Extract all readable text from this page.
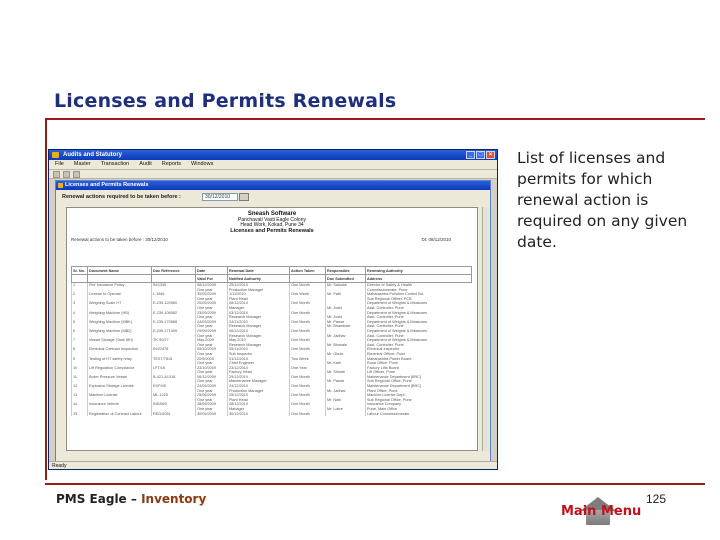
Licenses and Permits Renewals
Audits and Statutory	_	□	×
File Master Transaction Audit Reports Windows
Licenses and Permits Renewals
Renewal actions required to be taken before :	30/12/2010
Sneash Software
Panchavati Vasti Eagle Colony
Head Work, Kokad, Pune 34
Licenses and Permits Renewals
Renewal actions to be taken before : 30/12/2010	Dt: 08/12/2010
Sr. No.	Document Name	Doc Reference	Date	Renewal Date	Action Taken	Responsible	Renewing Authority
			Valid For	Notified Authority		Doc Submitted	Address
1	Fire Insurance Policy	IN/1345	08/12/2009	25/12/2010	One Month	Mr. Salunke	Director of Safety & Health
			One year	Production Manager			Commissionerate, Pune
2	License to Operate	L-3661	30/09/2009	1/11/2010	One Week	Mr. Patil	Maharashtra Pollution Control Bd.
			One year	Plant Head			Sub Regional Officer, PCB
3	Weighing Scale HT	E-239-120580	20/09/2009	08/12/2010	One Month		Department of Weights & Measures
			One year	Manager		Mr. Joshi	Asst. Controller, Pune
4	Weighing Machine (HB)	E-239-106582	23/09/2009	03/12/2010	One Month		Department of Weights & Measures
			One year	Research Manager		Mr. Joshi	Asst. Controller, Pune
5	Weighing Machine (MBK)	E-239-170588	24/09/2009	24/11/2010	One Month	Mr. Pawar	Department of Weights & Measures
			One year	Research Manager		Mr. Bhambale	Asst. Controller, Pune
6	Weighing Machine (MB2)	E-239-171499	29/09/2009	06/12/2010	One Month		Department of Weights & Measures
			One year	Research Manager		Mr. Jadhav	Asst. Controller, Pune
7	Vessel Storage (Tank 8Kl)	TK-90/27	May 2009	May 2010	One Month		Department of Weights & Measures
			One year	Research Manager		Mr. Bhosale	Asst. Controller, Pune
8	Electrical Contract Inspection	IN/22478	05/10/2009	05/11/2010	One Month		Electrical Inspector
			One year	Sub Inspector		Mr. Ghule	Electrical Officer, Pune
9	Testing of HT safety relay	TEST/7815	20/9/2009	01/12/2010	Two Week		Maharashtra Power Board
			One year	Chief Engineer		Mr. Kale	Rural Office, Pune
10	Lift Regulation Compliance	LFT/16	23/10/2009	23/12/2010	One Year		Factory Lifts Board
			One year	Factory Head		Mr. Shinde	Lift Officer, Pune
11	Boiler Pressure Vessel	B-421-A1318	06/12/2009	29/12/2010	One Month		Maintenance Department (BRC)
			One year	Maintenance Manager		Mr. Pawar	Sub Regional Office, Pune
12	Explosive Storage License	EXP/45	24/06/2009	24/12/2010	One Month		Maintenance Department (BRC)
			One year	Production Manager		Mr. Jadhav	Plant Office, Pune
13	Machine License	ML-1225	25/06/2009	25/12/2010	One Month		Machine License Dept.
			One year	Plant Head		Mr. Naik	Sub Regional Office, Pune
14	Insurance Vehicle	INS/669	28/09/2009	28/12/2010	One Month		Insurance Company
			One year	Manager		Mr. Lokre	Pune, Main Office
15	Registration of Contract Labour	REG/4051	30/09/2009	30/12/2010	One Month		Labour Commissionerate
Ready
List of licenses and permits for which renewal action is required on any given date.
PMS Eagle – Inventory
Main Menu
125
